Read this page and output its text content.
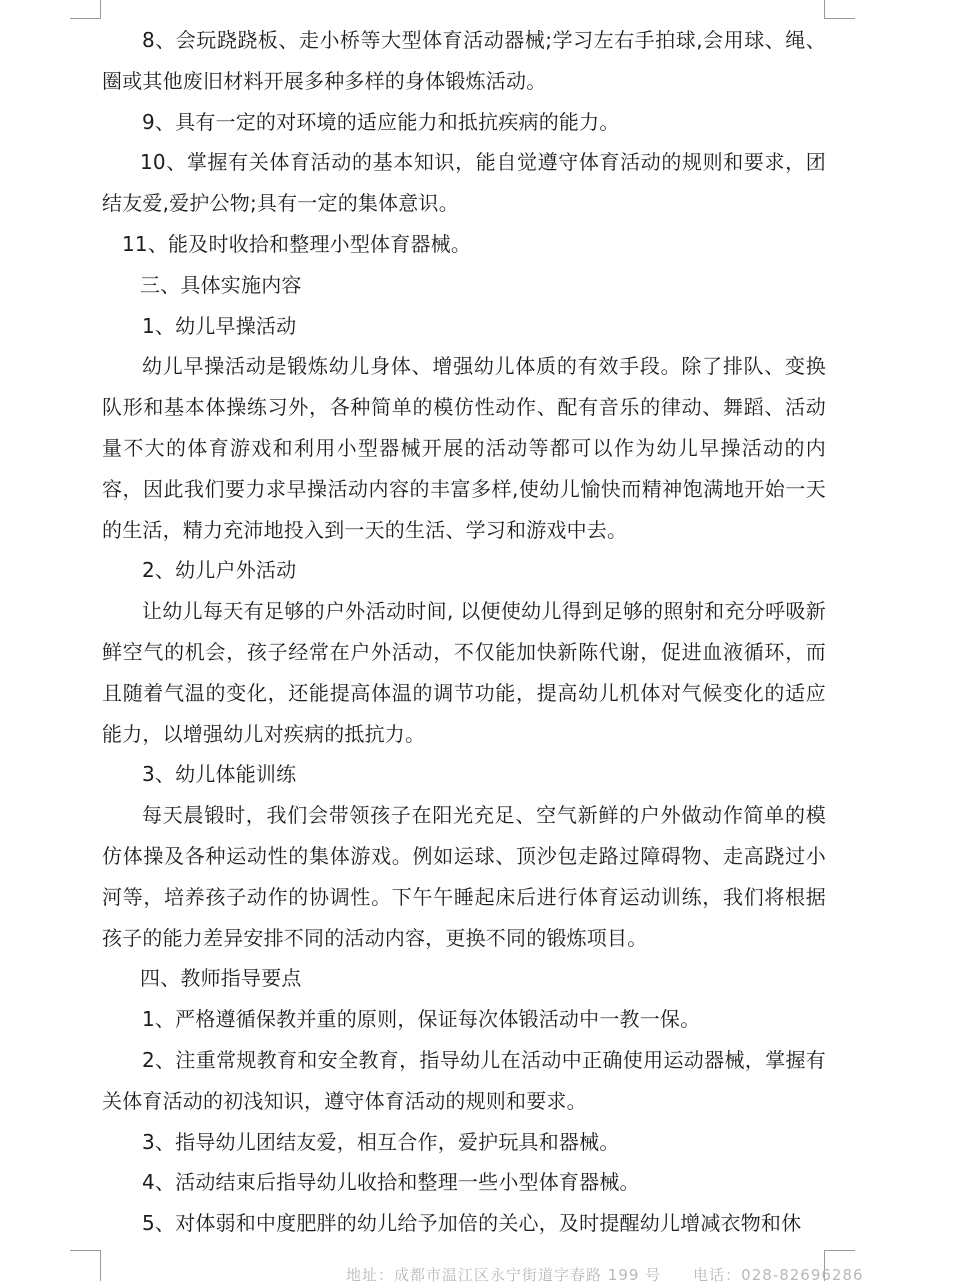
8、会玩跷跷板、走小桥等大型体育活动器械;学习左右手拍球,会用球、绳、圈或其他废旧材料开展多种多样的身体锻炼活动。

9、具有一定的对环境的适应能力和抵抗疾病的能力。

10、掌握有关体育活动的基本知识，能自觉遵守体育活动的规则和要求，团结友爱,爱护公物;具有一定的集体意识。

11、能及时收拾和整理小型体育器械。

三、具体实施内容

1、幼儿早操活动

幼儿早操活动是锻炼幼儿身体、增强幼儿体质的有效手段。除了排队、变换队形和基本体操练习外，各种简单的模仿性动作、配有音乐的律动、舞蹈、活动量不大的体育游戏和利用小型器械开展的活动等都可以作为幼儿早操活动的内容，因此我们要力求早操活动内容的丰富多样,使幼儿愉快而精神饱满地开始一天的生活，精力充沛地投入到一天的生活、学习和游戏中去。

2、幼儿户外活动

让幼儿每天有足够的户外活动时间, 以便使幼儿得到足够的照射和充分呼吸新鲜空气的机会，孩子经常在户外活动，不仅能加快新陈代谢，促进血液循环，而且随着气温的变化，还能提高体温的调节功能，提高幼儿机体对气候变化的适应能力，以增强幼儿对疾病的抵抗力。

3、幼儿体能训练

每天晨锻时，我们会带领孩子在阳光充足、空气新鲜的户外做动作简单的模仿体操及各种运动性的集体游戏。例如运球、顶沙包走路过障碍物、走高跷过小河等，培养孩子动作的协调性。下午午睡起床后进行体育运动训练，我们将根据孩子的能力差异安排不同的活动内容，更换不同的锻炼项目。

四、教师指导要点

1、严格遵循保教并重的原则，保证每次体锻活动中一教一保。

2、注重常规教育和安全教育，指导幼儿在活动中正确使用运动器械，掌握有关体育活动的初浅知识，遵守体育活动的规则和要求。

3、指导幼儿团结友爱，相互合作，爱护玩具和器械。

4、活动结束后指导幼儿收拾和整理一些小型体育器械。

5、对体弱和中度肥胖的幼儿给予加倍的关心，及时提醒幼儿增减衣物和休

地址：成都市温江区永宁街道字春路 199 号　　电话：028-82696286
